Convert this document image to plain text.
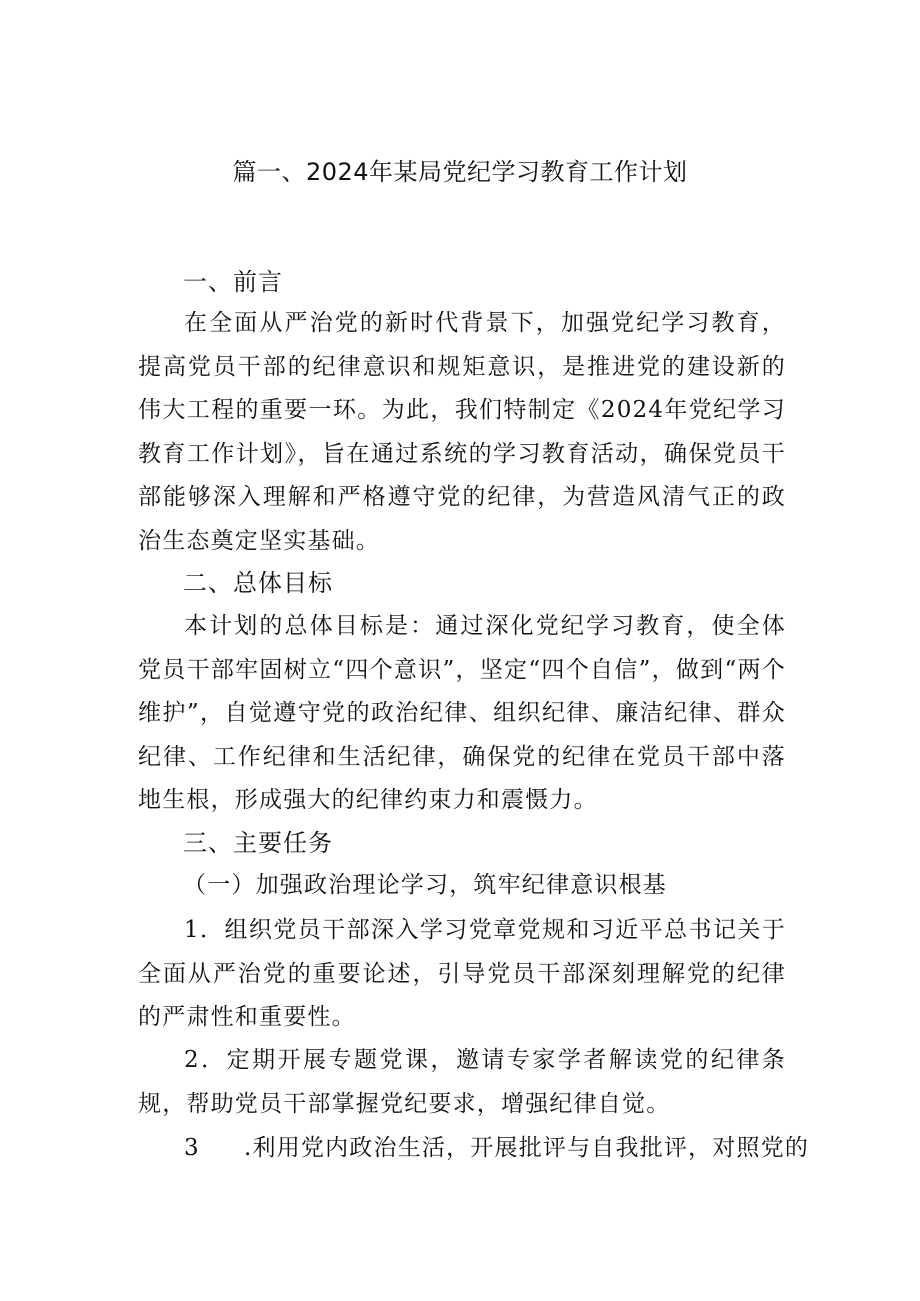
篇一、2024年某局党纪学习教育工作计划
一、前言

在全面从严治党的新时代背景下，加强党纪学习教育，提高党员干部的纪律意识和规矩意识，是推进党的建设新的伟大工程的重要一环。为此，我们特制定《2024年党纪学习教育工作计划》，旨在通过系统的学习教育活动，确保党员干部能够深入理解和严格遵守党的纪律，为营造风清气正的政治生态奠定坚实基础。

二、总体目标

本计划的总体目标是：通过深化党纪学习教育，使全体党员干部牢固树立“四个意识”，坚定“四个自信”，做到“两个维护”，自觉遵守党的政治纪律、组织纪律、廉洁纪律、群众纪律、工作纪律和生活纪律，确保党的纪律在党员干部中落地生根，形成强大的纪律约束力和震慑力。

三、主要任务
（一）加强政治理论学习，筑牢纪律意识根基

1．组织党员干部深入学习党章党规和习近平总书记关于全面从严治党的重要论述，引导党员干部深刻理解党的纪律的严肃性和重要性。

2．定期开展专题党课，邀请专家学者解读党的纪律条规，帮助党员干部掌握党纪要求，增强纪律自觉。

3 .利用党内政治生活，开展批评与自我批评，对照党的
